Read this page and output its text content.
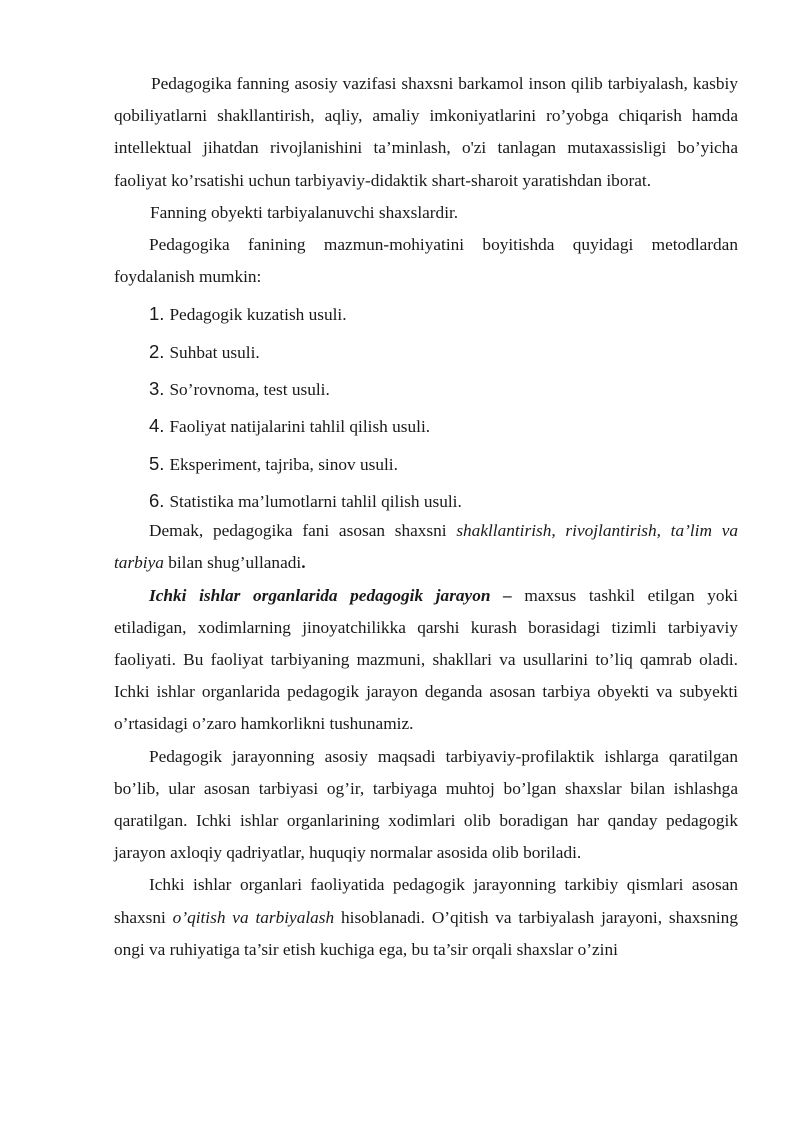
Pedagogika fanning asosiy vazifasi shaxsni barkamol inson qilib tarbiyalash, kasbiy qobiliyatlarni shakllantirish, aqliy, amaliy imkoniyatlarini ro’yobga chiqarish hamda intellektual jihatdan rivojlanishini ta’minlash, o'zi tanlagan mutaxassisligi bo’yicha faoliyat ko’rsatishi uchun tarbiyaviy-didaktik shart-sharoit yaratishdan iborat.

Fanning obyekti tarbiyalanuvchi shaxslardir.

Pedagogika fanining mazmun-mohiyatini boyitishda quyidagi metodlardan foydalanish mumkin:

1. Pedagogik kuzatish usuli.
2. Suhbat usuli.
3. So’rovnoma, test usuli.
4. Faoliyat natijalarini tahlil qilish usuli.
5. Eksperiment, tajriba, sinov usuli.
6. Statistika ma’lumotlarni tahlil qilish usuli.

Demak, pedagogika fani asosan shaxsni shakllantirish, rivojlantirish, ta’lim va tarbiya bilan shug’ullanadi.

Ichki ishlar organlarida pedagogik jarayon – maxsus tashkil etilgan yoki etiladigan, xodimlarning jinoyatchilikka qarshi kurash borasidagi tizimli tarbiyaviy faoliyati. Bu faoliyat tarbiyaning mazmuni, shakllari va usullarini to’liq qamrab oladi. Ichki ishlar organlarida pedagogik jarayon deganda asosan tarbiya obyekti va subyekti o’rtasidagi o’zaro hamkorlikni tushunamiz.

Pedagogik jarayonning asosiy maqsadi tarbiyaviy-profilaktik ishlarga qaratilgan bo’lib, ular asosan tarbiyasi og’ir, tarbiyaga muhtoj bo’lgan shaxslar bilan ishlashga qaratilgan. Ichki ishlar organlarining xodimlari olib boradigan har qanday pedagogik jarayon axloqiy qadriyatlar, huquqiy normalar asosida olib boriladi.

Ichki ishlar organlari faoliyatida pedagogik jarayonning tarkibiy qismlari asosan shaxsni o’qitish va tarbiyalash hisoblanadi. O’qitish va tarbiyalash jarayoni, shaxsning ongi va ruhiyatiga ta’sir etish kuchiga ega, bu ta’sir orqali shaxslar o’zini
